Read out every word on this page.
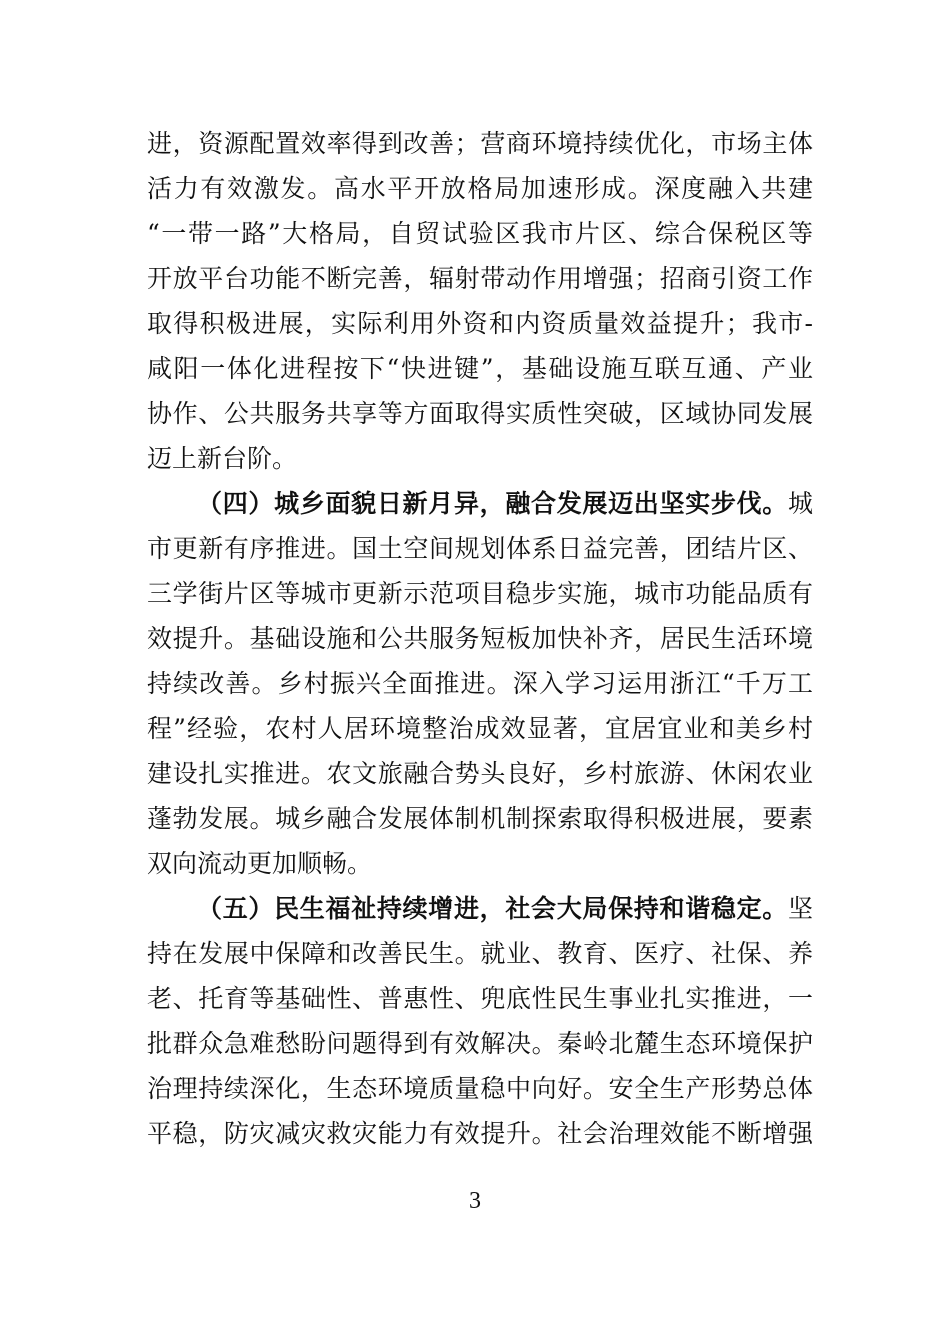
进，资源配置效率得到改善；营商环境持续优化，市场主体
活力有效激发。高水平开放格局加速形成。深度融入共建
“一带一路”大格局，自贸试验区我市片区、综合保税区等
开放平台功能不断完善，辐射带动作用增强；招商引资工作
取得积极进展，实际利用外资和内资质量效益提升；我市-
咸阳一体化进程按下“快进键”，基础设施互联互通、产业
协作、公共服务共享等方面取得实质性突破，区域协同发展
迈上新台阶。
（四）城乡面貌日新月异，融合发展迈出坚实步伐。城
市更新有序推进。国土空间规划体系日益完善，团结片区、
三学街片区等城市更新示范项目稳步实施，城市功能品质有
效提升。基础设施和公共服务短板加快补齐，居民生活环境
持续改善。乡村振兴全面推进。深入学习运用浙江“千万工
程”经验，农村人居环境整治成效显著，宜居宜业和美乡村
建设扎实推进。农文旅融合势头良好，乡村旅游、休闲农业
蓬勃发展。城乡融合发展体制机制探索取得积极进展，要素
双向流动更加顺畅。
（五）民生福祉持续增进，社会大局保持和谐稳定。坚
持在发展中保障和改善民生。就业、教育、医疗、社保、养
老、托育等基础性、普惠性、兜底性民生事业扎实推进，一
批群众急难愁盼问题得到有效解决。秦岭北麓生态环境保护
治理持续深化，生态环境质量稳中向好。安全生产形势总体
平稳，防灾减灾救灾能力有效提升。社会治理效能不断增强
3
